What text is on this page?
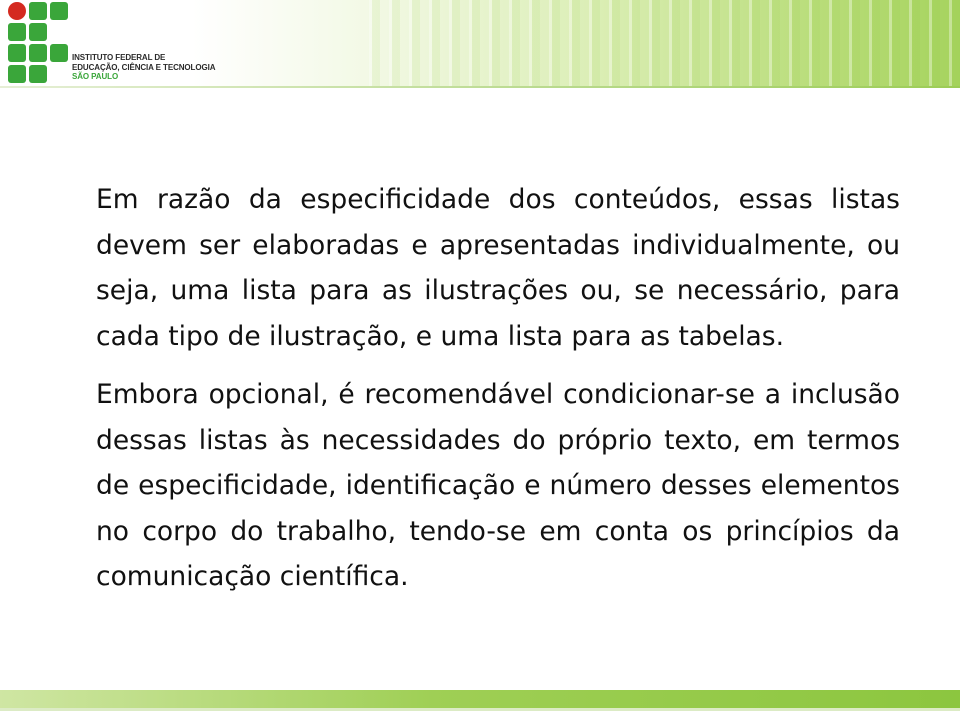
INSTITUTO FEDERAL DE
EDUCAÇÃO, CIÊNCIA E TECNOLOGIA
SÃO PAULO

Em razão da especificidade dos conteúdos, essas listas devem ser elaboradas e apresentadas individualmente, ou seja, uma lista para as ilustrações ou, se necessário, para cada tipo de ilustração, e uma lista para as tabelas.

Embora opcional, é recomendável condicionar-se a inclusão dessas listas às necessidades do próprio texto, em termos de especificidade, identificação e número desses elementos no corpo do trabalho, tendo-se em conta os princípios da comunicação científica.
